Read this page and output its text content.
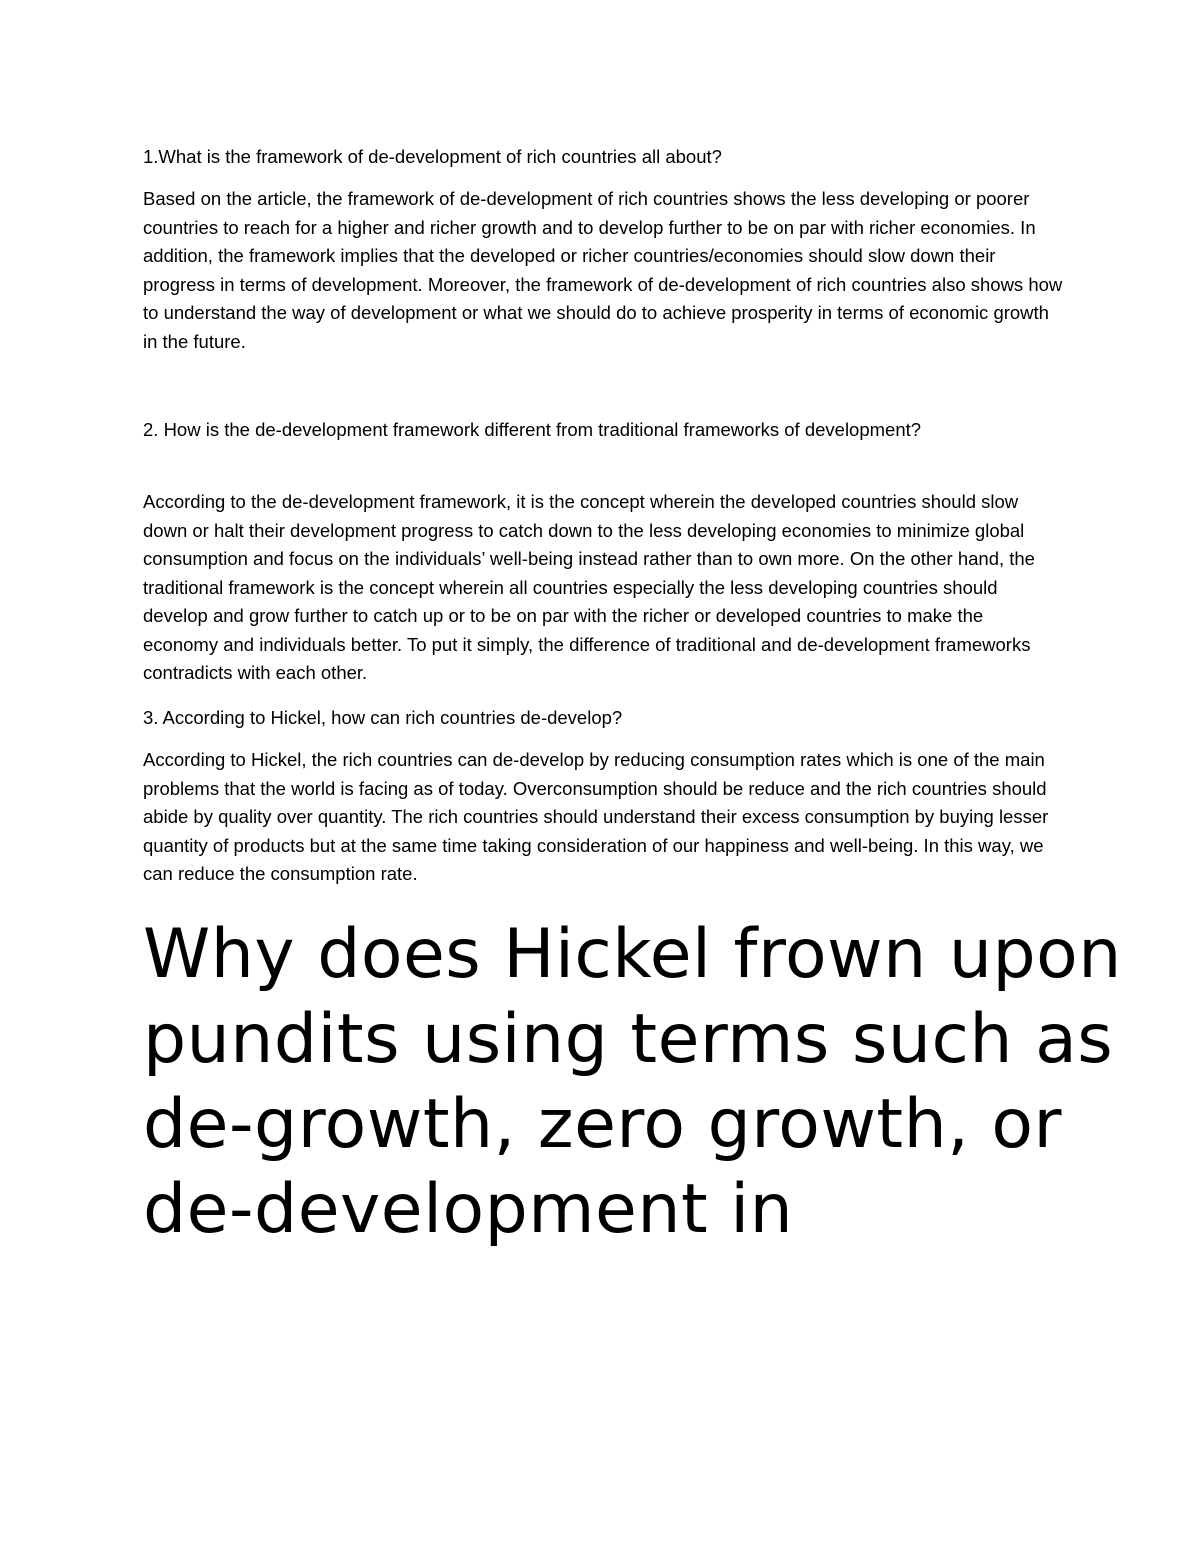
1.What is the framework of de-development of rich countries all about?

Based on the article, the framework of de-development of rich countries shows the less developing or poorer countries to reach for a higher and richer growth and to develop further to be on par with richer economies. In addition, the framework implies that the developed or richer countries/economies should slow down their progress in terms of development. Moreover, the framework of de-development of rich countries also shows how to understand the way of development or what we should do to achieve prosperity in terms of economic growth in the future.

2. How is the de-development framework different from traditional frameworks of development?

According to the de-development framework, it is the concept wherein the developed countries should slow down or halt their development progress to catch down to the less developing economies to minimize global consumption and focus on the individuals’ well-being instead rather than to own more. On the other hand, the traditional framework is the concept wherein all countries especially the less developing countries should develop and grow further to catch up or to be on par with the richer or developed countries to make the economy and individuals better. To put it simply, the difference of traditional and de-development frameworks contradicts with each other.

3. According to Hickel, how can rich countries de-develop?

According to Hickel, the rich countries can de-develop by reducing consumption rates which is one of the main problems that the world is facing as of today. Overconsumption should be reduce and the rich countries should abide by quality over quantity. The rich countries should understand their excess consumption by buying lesser quantity of products but at the same time taking consideration of our happiness and well-being. In this way, we can reduce the consumption rate.

Why does Hickel frown upon pundits using terms such as de-growth, zero growth, or de-development in
